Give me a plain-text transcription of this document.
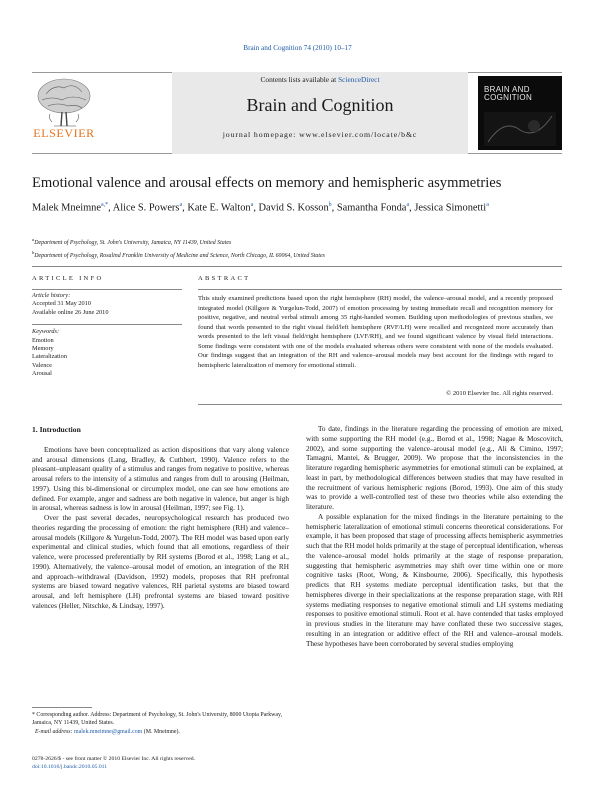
Brain and Cognition 74 (2010) 10–17
Contents lists available at ScienceDirect
Brain and Cognition
journal homepage: www.elsevier.com/locate/b&c
ELSEVIER
BRAIN AND
COGNITION
Emotional valence and arousal effects on memory and hemispheric asymmetries
Malek Mneimne$^{a,*}$, Alice S. Powers$^a$, Kate E. Walton$^a$, David S. Kosson$^b$, Samantha Fonda$^a$, Jessica Simonetti$^a$
$^a$Department of Psychology, St. John's University, Jamaica, NY 11439, United States
$^b$Department of Psychology, Rosalind Franklin University of Medicine and Science, North Chicago, IL 60064, United States
ARTICLE INFO
Article history:
Accepted 31 May 2010
Available online 26 June 2010
Keywords:
Emotion
Memory
Lateralization
Valence
Arousal
ABSTRACT
This study examined predictions based upon the right hemisphere (RH) model, the valence–arousal model, and a recently proposed integrated model (Killgore & Yurgelun-Todd, 2007) of emotion processing by testing immediate recall and recognition memory for positive, negative, and neutral verbal stimuli among 35 right-handed women. Building upon methodologies of previous studies, we found that words presented to the right visual field/left hemisphere (RVF/LH) were recalled and recognized more accurately than words presented to the left visual field/right hemisphere (LVF/RH), and we found significant valence by visual field interactions. Some findings were consistent with one of the models evaluated whereas others were consistent with none of the models evaluated. Our findings suggest that an integration of the RH and valence–arousal models may best account for the findings with regard to hemispheric lateralization of memory for emotional stimuli.
© 2010 Elsevier Inc. All rights reserved.

1. Introduction

Emotions have been conceptualized as action dispositions that vary along valence and arousal dimensions (Lang, Bradley, & Cuthbert, 1990). Valence refers to the pleasant–unpleasant quality of a stimulus and ranges from negative to positive, whereas arousal refers to the intensity of a stimulus and ranges from dull to arousing (Heilman, 1997). Using this bi-dimensional or circumplex model, one can see how emotions are defined. For example, anger and sadness are both negative in valence, but anger is high in arousal, whereas sadness is low in arousal (Heilman, 1997; see Fig. 1).

Over the past several decades, neuropsychological research has produced two theories regarding the processing of emotion: the right hemisphere (RH) and valence–arousal models (Killgore & Yurgelun-Todd, 2007). The RH model was based upon early experimental and clinical studies, which found that all emotions, regardless of their valence, were processed preferentially by RH systems (Borod et al., 1998; Lang et al., 1990). Alternatively, the valence–arousal model of emotion, an integration of the RH and approach–withdrawal (Davidson, 1992) models, proposes that RH prefrontal systems are biased toward negative valences, RH parietal systems are biased toward arousal, and left hemisphere (LH) prefrontal systems are biased toward positive valences (Heller, Nitschke, & Lindsay, 1997).

To date, findings in the literature regarding the processing of emotion are mixed, with some supporting the RH model (e.g., Borod et al., 1998; Nagae & Moscovitch, 2002), and some supporting the valence–arousal model (e.g., Ali & Cimino, 1997; Tamagni, Mantei, & Brugger, 2009). We propose that the inconsistencies in the literature regarding hemispheric asymmetries for emotional stimuli can be explained, at least in part, by methodological differences between studies that may have resulted in the recruitment of various hemispheric regions (Borod, 1993). One aim of this study was to provide a well-controlled test of these two theories while also extending the literature.

A possible explanation for the mixed findings in the literature pertaining to the hemispheric lateralization of emotional stimuli concerns theoretical considerations. For example, it has been proposed that stage of processing affects hemispheric asymmetries such that the RH model holds primarily at the stage of perceptual identification, whereas the valence–arousal model holds primarily at the stage of response preparation, suggesting that hemispheric asymmetries may shift over time within one or more cognitive tasks (Root, Wong, & Kinsbourne, 2006). Specifically, this hypothesis predicts that RH systems mediate perceptual identification tasks, but that the hemispheres diverge in their specializations at the response preparation stage, with RH systems mediating responses to negative emotional stimuli and LH systems mediating responses to positive emotional stimuli. Root et al. have contended that tasks employed in previous studies in the literature may have conflated these two successive stages, resulting in an integration or additive effect of the RH and valence–arousal models. These hypotheses have been corroborated by several studies employing

* Corresponding author. Address: Department of Psychology, St. John's University, 8000 Utopia Parkway, Jamaica, NY 11439, United States.
E-mail address: malek.mneimne@gmail.com (M. Mneimne).
0278-2626/$ - see front matter © 2010 Elsevier Inc. All rights reserved.
doi:10.1016/j.bandc.2010.05.011
